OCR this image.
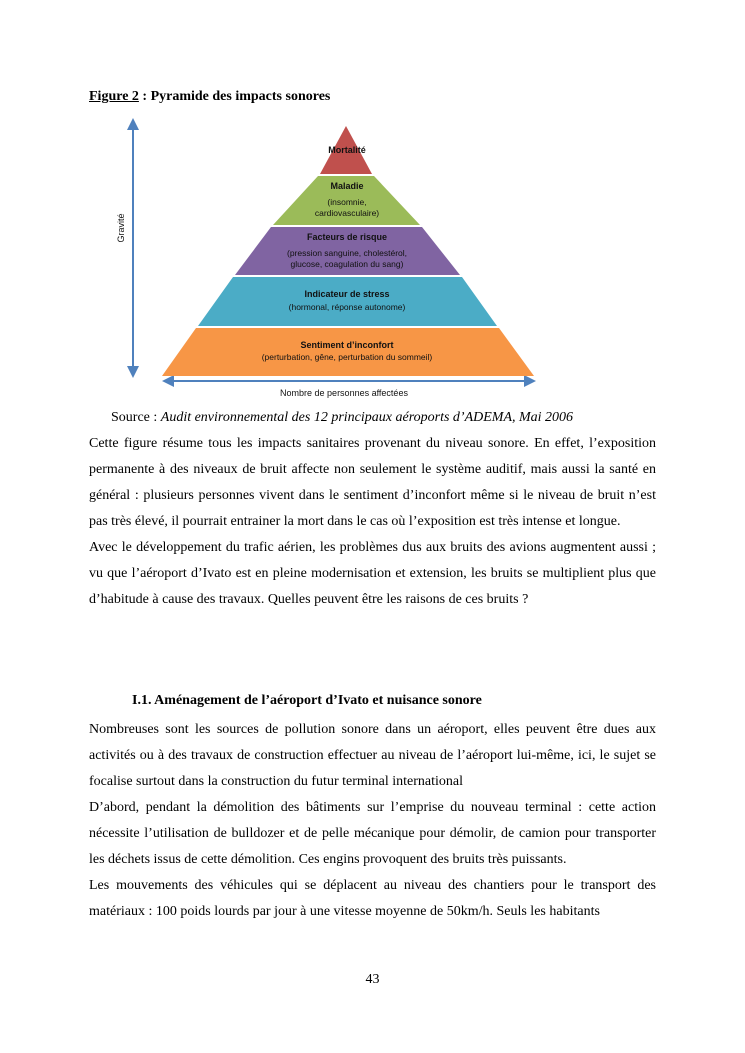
Figure 2 : Pyramide des impacts sonores
Gravité
Nombre de personnes affectées
Mortalité
Maladie
(insomnie,
cardiovasculaire)
Facteurs de risque
(pression sanguine, cholestérol,
glucose, coagulation du sang)
Indicateur de stress
(hormonal, réponse autonome)
Sentiment d’inconfort
(perturbation, gêne, perturbation du sommeil)
Source : Audit environnemental des 12 principaux aéroports d’ADEMA, Mai 2006

Cette figure résume tous les impacts sanitaires provenant du niveau sonore. En effet, l’exposition permanente à des niveaux de bruit affecte non seulement le système auditif, mais aussi la santé en général : plusieurs personnes vivent dans le sentiment d’inconfort même si le niveau de bruit n’est pas très élevé, il pourrait entrainer la mort dans le cas où l’exposition est très intense et longue.

Avec le développement du trafic aérien, les problèmes dus aux bruits des avions augmentent aussi ; vu que l’aéroport d’Ivato est en pleine modernisation et extension, les bruits se multiplient plus que d’habitude à cause des travaux. Quelles peuvent être les raisons de ces bruits ?

I.1. Aménagement de l’aéroport d’Ivato et nuisance sonore

Nombreuses sont les sources de pollution sonore dans un aéroport, elles peuvent être dues aux activités ou à des travaux de construction effectuer au niveau de l’aéroport lui-même, ici, le sujet se focalise surtout dans la construction du futur terminal international

D’abord, pendant la démolition des bâtiments sur l’emprise du nouveau terminal : cette action nécessite l’utilisation de bulldozer et de pelle mécanique pour démolir, de camion pour transporter les déchets issus de cette démolition. Ces engins provoquent des bruits très puissants.

Les mouvements des véhicules qui se déplacent au niveau des chantiers pour le transport des matériaux : 100 poids lourds par jour à une vitesse moyenne de 50km/h. Seuls les habitants

43
